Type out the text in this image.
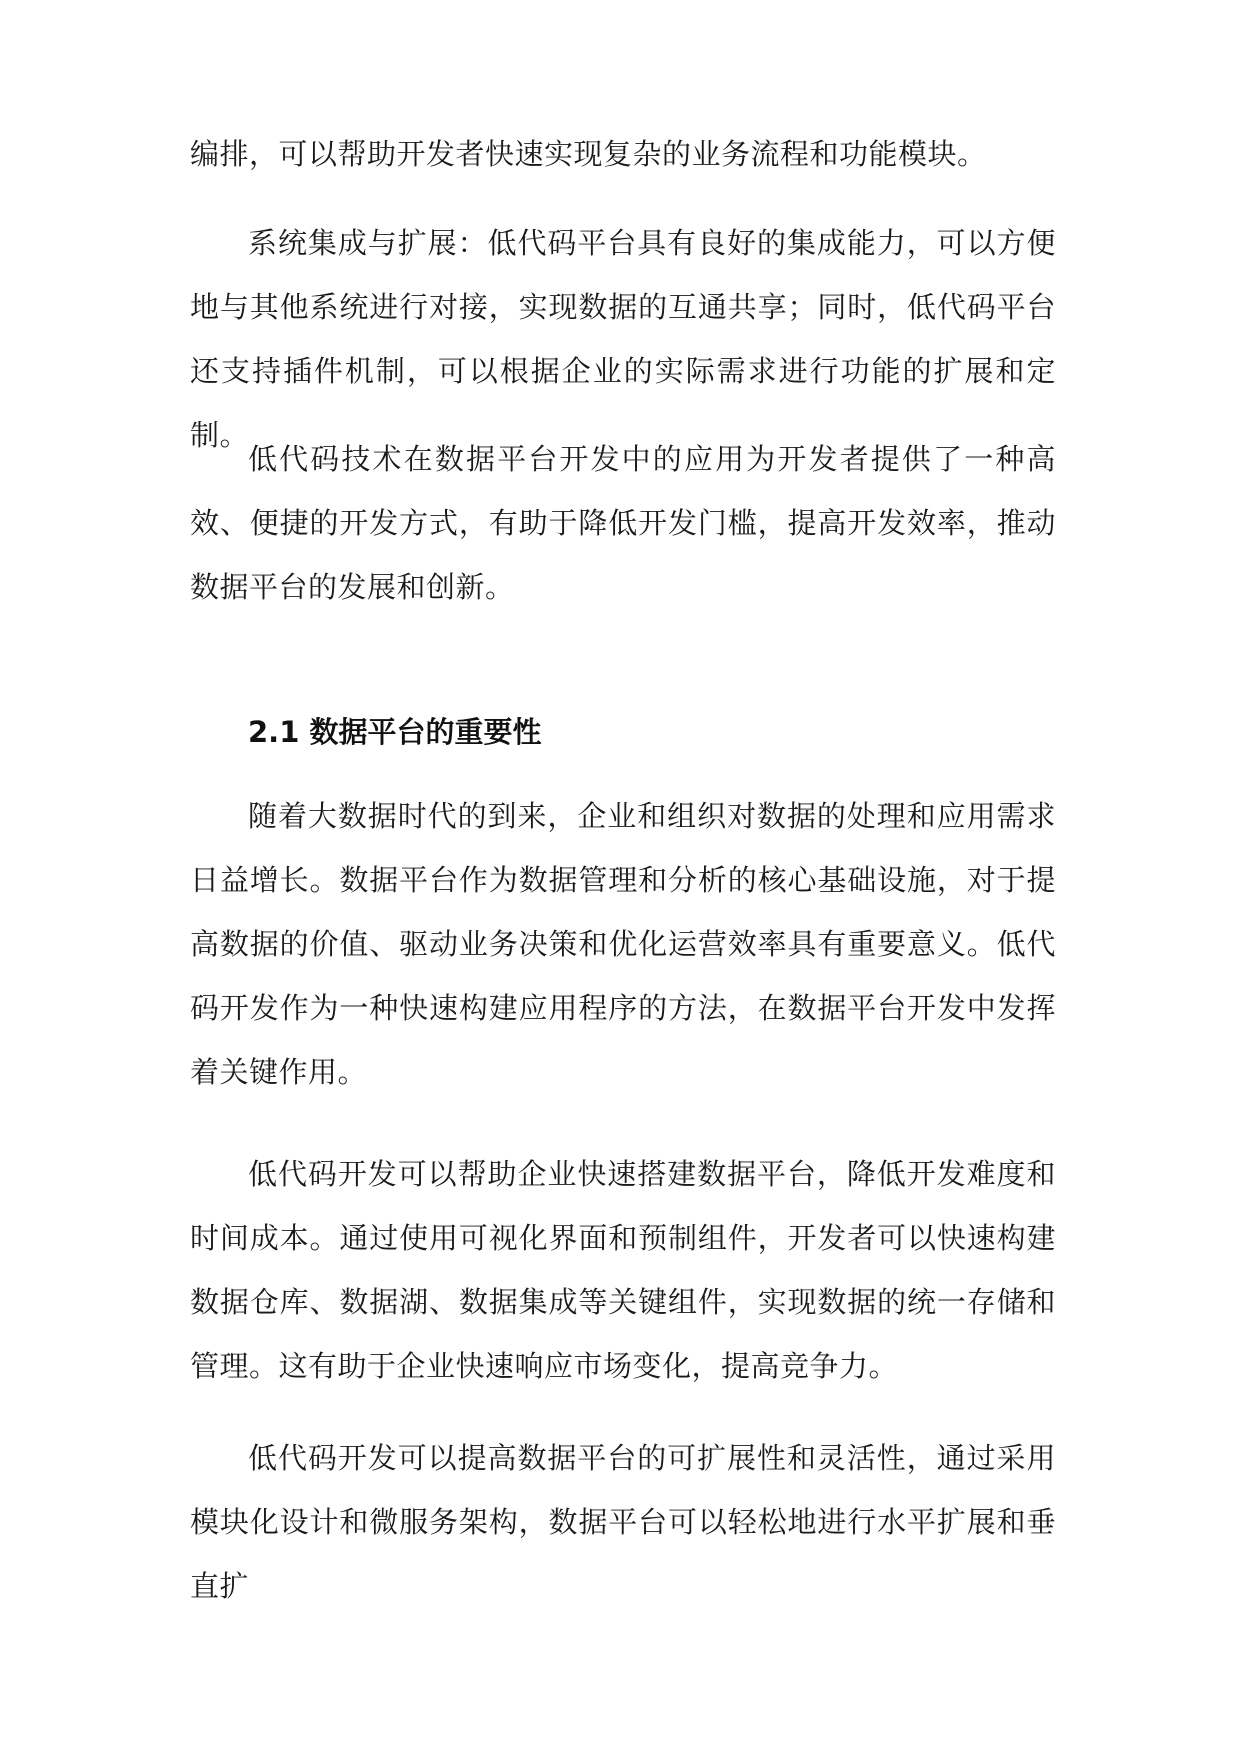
编排，可以帮助开发者快速实现复杂的业务流程和功能模块。

系统集成与扩展：低代码平台具有良好的集成能力，可以方便地与其他系统进行对接，实现数据的互通共享；同时，低代码平台还支持插件机制，可以根据企业的实际需求进行功能的扩展和定制。

低代码技术在数据平台开发中的应用为开发者提供了一种高效、便捷的开发方式，有助于降低开发门槛，提高开发效率，推动数据平台的发展和创新。

2.1 数据平台的重要性

随着大数据时代的到来，企业和组织对数据的处理和应用需求日益增长。数据平台作为数据管理和分析的核心基础设施，对于提高数据的价值、驱动业务决策和优化运营效率具有重要意义。低代码开发作为一种快速构建应用程序的方法，在数据平台开发中发挥着关键作用。

低代码开发可以帮助企业快速搭建数据平台，降低开发难度和时间成本。通过使用可视化界面和预制组件，开发者可以快速构建数据仓库、数据湖、数据集成等关键组件，实现数据的统一存储和管理。这有助于企业快速响应市场变化，提高竞争力。

低代码开发可以提高数据平台的可扩展性和灵活性，通过采用模块化设计和微服务架构，数据平台可以轻松地进行水平扩展和垂直扩
